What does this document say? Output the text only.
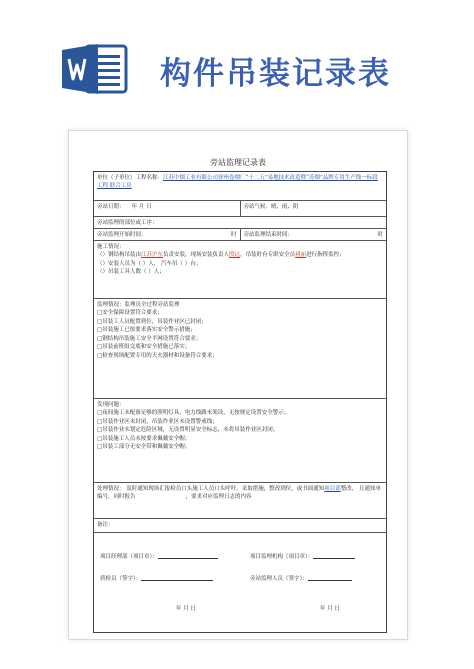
构件吊装记录表
旁站监理记录表
单位（子单位）工程名称：江苏中烟工业有限公司徐州卷烟厂“十二五”易地技术改造暨“苏烟”品牌专用生产线一标段工程 联合工房
旁站日期： 年 月 日	旁站气候：晴、雨、阴
旁站监理的部位或工序：
旁站监理开始时间：	时	旁站监理结束时间：	时
施工情况：
（）钢结构吊装由江苏沪东负责安装，现场安装负责人殷远，吊装时有专职安全员褚丽进行指挥监控；
（）安装人员为（ ）人， 汽车吊（ ）台；
（）吊装工具人数（ ）人；
监理情况：监理员全过程旁站监理
□安全保障设置符合要求；
□吊装工人员配置到位，吊装作业区已封闭；
□吊装施工已按要求落实安全警示措施；
□钢结构吊装施工安全平网设置符合要求；
□吊装前班组交底和安全措施已落实；
□检查现场配置专用的天火器材和设备符合要求；
发现问题：
□夜间施工未配备足够的照明灯具，电力线路未架设，无按规定设置安全警示；
□吊装作业区未封闭，吊装作业区未设置警戒线；
□吊装作业未划定危险区域，无设置明显安全标志，未将吊装作业区封闭；
□吊装施工人员未按要求佩戴安全帽；
□吊装工部分无安全带和佩戴安全帽；
处理情况： 及时通知现场汇报检员口头施工人员口头呼吁，采取措施，整改到位，或书面通知项目部整改， 且通知单编号，同时报告	，要求对应监理日志的内容
备注：
项目经理部（项目章）：	项目监理机构（项目章）：
质检员（签字）：	旁站监理人员（签字）：
年 月 日	年 月 日
